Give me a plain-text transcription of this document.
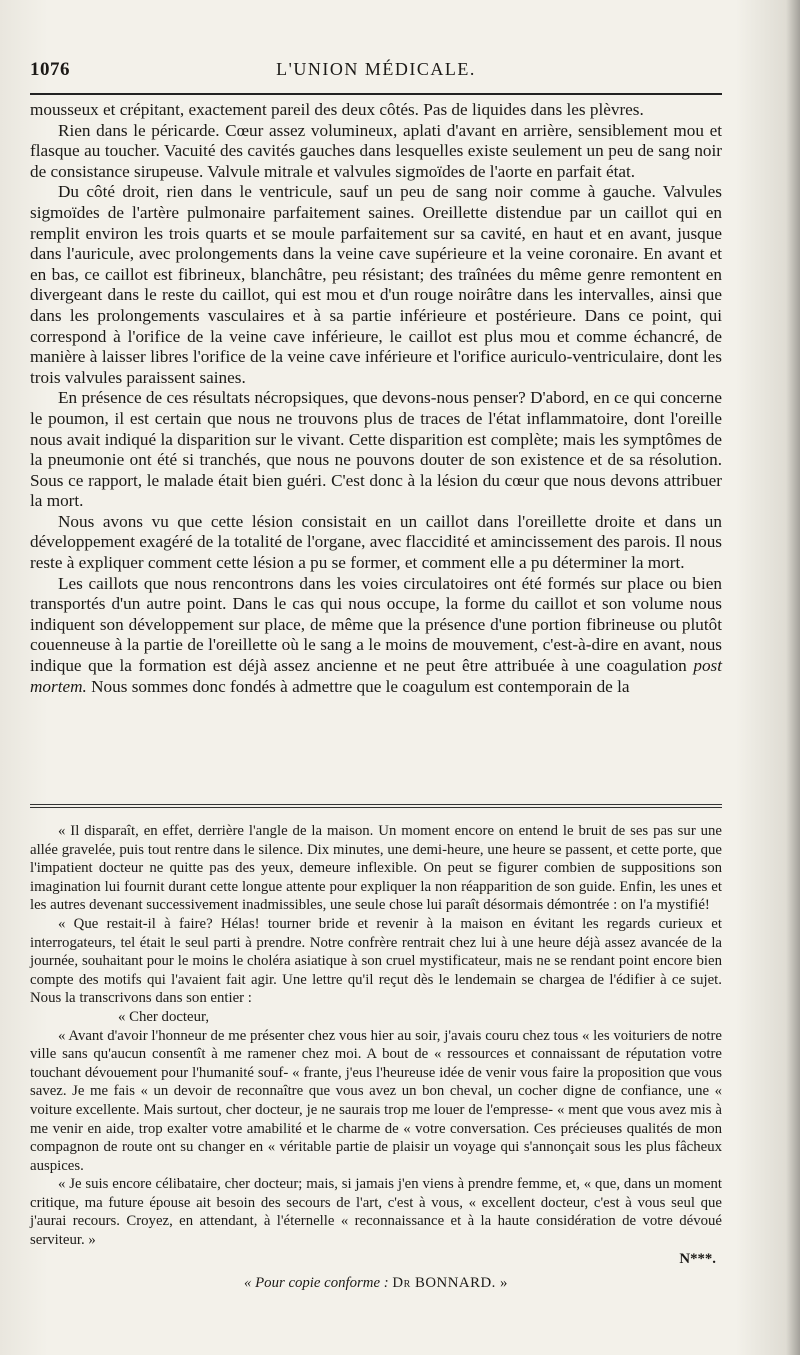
1076	L'UNION MÉDICALE.

mousseux et crépitant, exactement pareil des deux côtés. Pas de liquides dans les plèvres.

Rien dans le péricarde. Cœur assez volumineux, aplati d'avant en arrière, sensiblement mou et flasque au toucher. Vacuité des cavités gauches dans lesquelles existe seulement un peu de sang noir de consistance sirupeuse. Valvule mitrale et valvules sigmoïdes de l'aorte en parfait état.

Du côté droit, rien dans le ventricule, sauf un peu de sang noir comme à gauche. Valvules sigmoïdes de l'artère pulmonaire parfaitement saines. Oreillette distendue par un caillot qui en remplit environ les trois quarts et se moule parfaitement sur sa cavité, en haut et en avant, jusque dans l'auricule, avec prolongements dans la veine cave supérieure et la veine coronaire. En avant et en bas, ce caillot est fibrineux, blanchâtre, peu résistant; des traînées du même genre remontent en divergeant dans le reste du caillot, qui est mou et d'un rouge noirâtre dans les intervalles, ainsi que dans les prolongements vasculaires et à sa partie inférieure et postérieure. Dans ce point, qui correspond à l'orifice de la veine cave inférieure, le caillot est plus mou et comme échancré, de manière à laisser libres l'orifice de la veine cave inférieure et l'orifice auriculo-ventriculaire, dont les trois valvules paraissent saines.

En présence de ces résultats nécropsiques, que devons-nous penser? D'abord, en ce qui concerne le poumon, il est certain que nous ne trouvons plus de traces de l'état inflammatoire, dont l'oreille nous avait indiqué la disparition sur le vivant. Cette disparition est complète; mais les symptômes de la pneumonie ont été si tranchés, que nous ne pouvons douter de son existence et de sa résolution. Sous ce rapport, le malade était bien guéri. C'est donc à la lésion du cœur que nous devons attribuer la mort.

Nous avons vu que cette lésion consistait en un caillot dans l'oreillette droite et dans un développement exagéré de la totalité de l'organe, avec flaccidité et amincissement des parois. Il nous reste à expliquer comment cette lésion a pu se former, et comment elle a pu déterminer la mort.

Les caillots que nous rencontrons dans les voies circulatoires ont été formés sur place ou bien transportés d'un autre point. Dans le cas qui nous occupe, la forme du caillot et son volume nous indiquent son développement sur place, de même que la présence d'une portion fibrineuse ou plutôt couenneuse à la partie de l'oreillette où le sang a le moins de mouvement, c'est-à-dire en avant, nous indique que la formation est déjà assez ancienne et ne peut être attribuée à une coagulation post mortem. Nous sommes donc fondés à admettre que le coagulum est contemporain de la

« Il disparaît, en effet, derrière l'angle de la maison. Un moment encore on entend le bruit de ses pas sur une allée gravelée, puis tout rentre dans le silence. Dix minutes, une demi-heure, une heure se passent, et cette porte, que l'impatient docteur ne quitte pas des yeux, demeure inflexible. On peut se figurer combien de suppositions son imagination lui fournit durant cette longue attente pour expliquer la non réapparition de son guide. Enfin, les unes et les autres devenant successivement inadmissibles, une seule chose lui paraît désormais démontrée : on l'a mystifié!

« Que restait-il à faire? Hélas! tourner bride et revenir à la maison en évitant les regards curieux et interrogateurs, tel était le seul parti à prendre. Notre confrère rentrait chez lui à une heure déjà assez avancée de la journée, souhaitant pour le moins le choléra asiatique à son cruel mystificateur, mais ne se rendant point encore bien compte des motifs qui l'avaient fait agir. Une lettre qu'il reçut dès le lendemain se chargea de l'édifier à ce sujet. Nous la transcrivons dans son entier :

« Cher docteur,

« Avant d'avoir l'honneur de me présenter chez vous hier au soir, j'avais couru chez tous « les voituriers de notre ville sans qu'aucun consentît à me ramener chez moi. A bout de « ressources et connaissant de réputation votre touchant dévouement pour l'humanité souf- « frante, j'eus l'heureuse idée de venir vous faire la proposition que vous savez. Je me fais « un devoir de reconnaître que vous avez un bon cheval, un cocher digne de confiance, une « voiture excellente. Mais surtout, cher docteur, je ne saurais trop me louer de l'empresse- « ment que vous avez mis à me venir en aide, trop exalter votre amabilité et le charme de « votre conversation. Ces précieuses qualités de mon compagnon de route ont su changer en « véritable partie de plaisir un voyage qui s'annonçait sous les plus fâcheux auspices.

« Je suis encore célibataire, cher docteur; mais, si jamais j'en viens à prendre femme, et, « que, dans un moment critique, ma future épouse ait besoin des secours de l'art, c'est à vous, « excellent docteur, c'est à vous seul que j'aurai recours. Croyez, en attendant, à l'éternelle « reconnaissance et à la haute considération de votre dévoué serviteur. »

N***.

« Pour copie conforme : Dr BONNARD. »
